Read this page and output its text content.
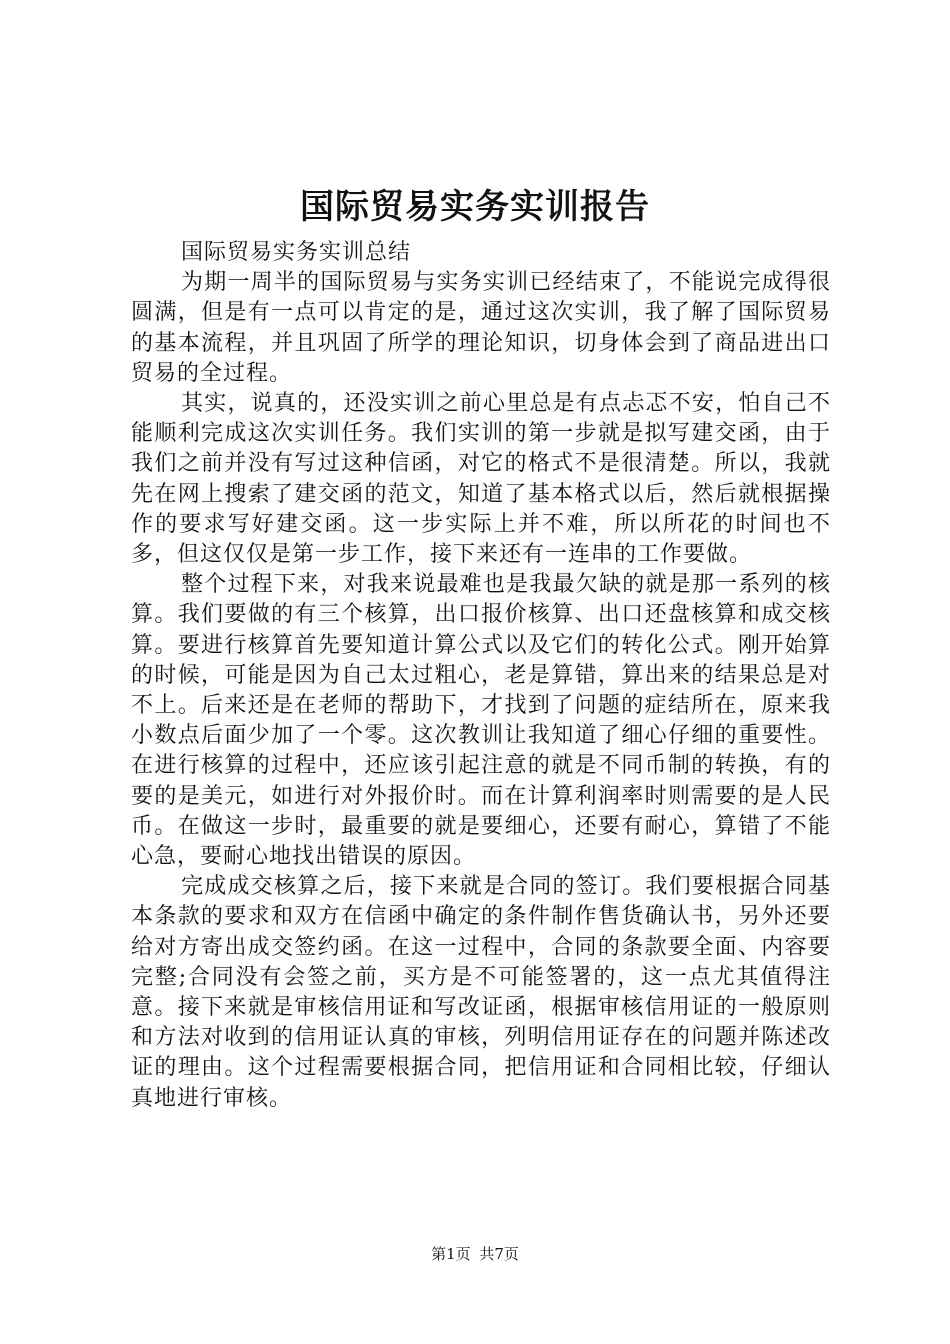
国际贸易实务实训报告

国际贸易实务实训总结

为期一周半的国际贸易与实务实训已经结束了，不能说完成得很圆满，但是有一点可以肯定的是，通过这次实训，我了解了国际贸易的基本流程，并且巩固了所学的理论知识，切身体会到了商品进出口贸易的全过程。

其实，说真的，还没实训之前心里总是有点忐忑不安，怕自己不能顺利完成这次实训任务。我们实训的第一步就是拟写建交函，由于我们之前并没有写过这种信函，对它的格式不是很清楚。所以，我就先在网上搜索了建交函的范文，知道了基本格式以后，然后就根据操作的要求写好建交函。这一步实际上并不难，所以所花的时间也不多，但这仅仅是第一步工作，接下来还有一连串的工作要做。

整个过程下来，对我来说最难也是我最欠缺的就是那一系列的核算。我们要做的有三个核算，出口报价核算、出口还盘核算和成交核算。要进行核算首先要知道计算公式以及它们的转化公式。刚开始算的时候，可能是因为自己太过粗心，老是算错，算出来的结果总是对不上。后来还是在老师的帮助下，才找到了问题的症结所在，原来我小数点后面少加了一个零。这次教训让我知道了细心仔细的重要性。在进行核算的过程中，还应该引起注意的就是不同币制的转换，有的要的是美元，如进行对外报价时。而在计算利润率时则需要的是人民币。在做这一步时，最重要的就是要细心，还要有耐心，算错了不能心急，要耐心地找出错误的原因。

完成成交核算之后，接下来就是合同的签订。我们要根据合同基本条款的要求和双方在信函中确定的条件制作售货确认书，另外还要给对方寄出成交签约函。在这一过程中，合同的条款要全面、内容要完整;合同没有会签之前，买方是不可能签署的，这一点尤其值得注意。接下来就是审核信用证和写改证函，根据审核信用证的一般原则和方法对收到的信用证认真的审核，列明信用证存在的问题并陈述改证的理由。这个过程需要根据合同，把信用证和合同相比较，仔细认真地进行审核。

第1页 共7页
